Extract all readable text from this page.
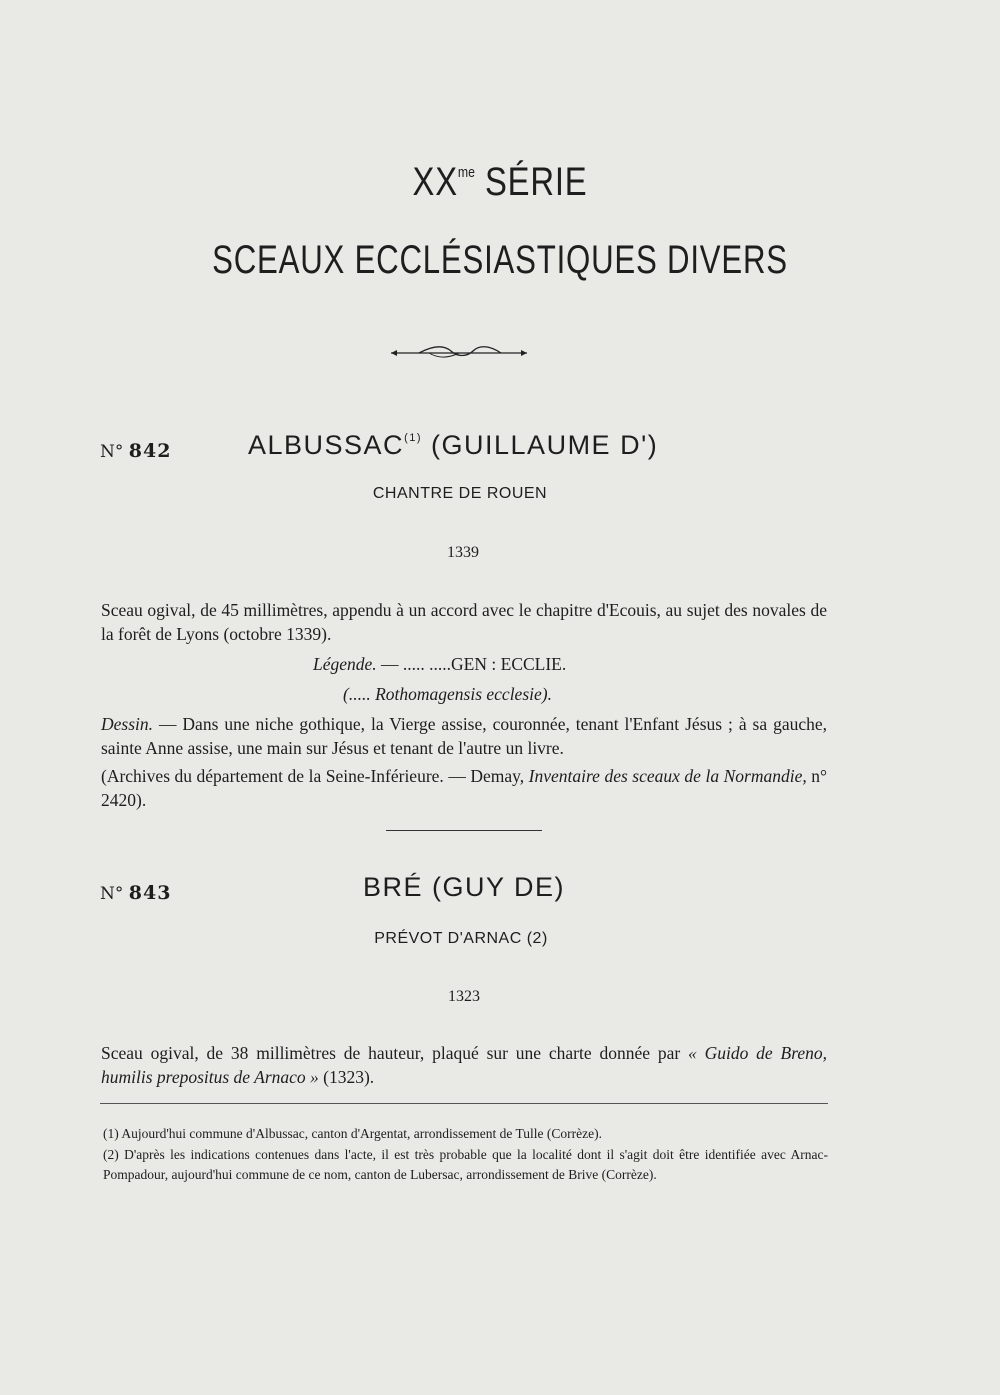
$XX^{me}$ SÉRIE
SCEAUX ECCLÉSIASTIQUES DIVERS
N° 842	ALBUSSAC$^{(1)}$ (GUILLAUME D')
CHANTRE DE ROUEN
1339
Sceau ogival, de 45 millimètres, appendu à un accord avec le chapitre d'Ecouis, au sujet des novales de la forêt de Lyons (octobre 1339).
Légende. — ..... .....GEN : ECCLIE.
(..... Rothomagensis ecclesie).
Dessin. — Dans une niche gothique, la Vierge assise, couronnée, tenant l'Enfant Jésus ; à sa gauche, sainte Anne assise, une main sur Jésus et tenant de l'autre un livre.
(Archives du département de la Seine-Inférieure. — Demay, Inventaire des sceaux de la Normandie, n° 2420).
N° 843	BRÉ (GUY DE)
PRÉVOT D'ARNAC (2)
1323
Sceau ogival, de 38 millimètres de hauteur, plaqué sur une charte donnée par « Guido de Breno, humilis prepositus de Arnaco » (1323).
(1) Aujourd'hui commune d'Albussac, canton d'Argentat, arrondissement de Tulle (Corrèze).
(2) D'après les indications contenues dans l'acte, il est très probable que la localité dont il s'agit doit être identifiée avec Arnac-Pompadour, aujourd'hui commune de ce nom, canton de Lubersac, arrondissement de Brive (Corrèze).
